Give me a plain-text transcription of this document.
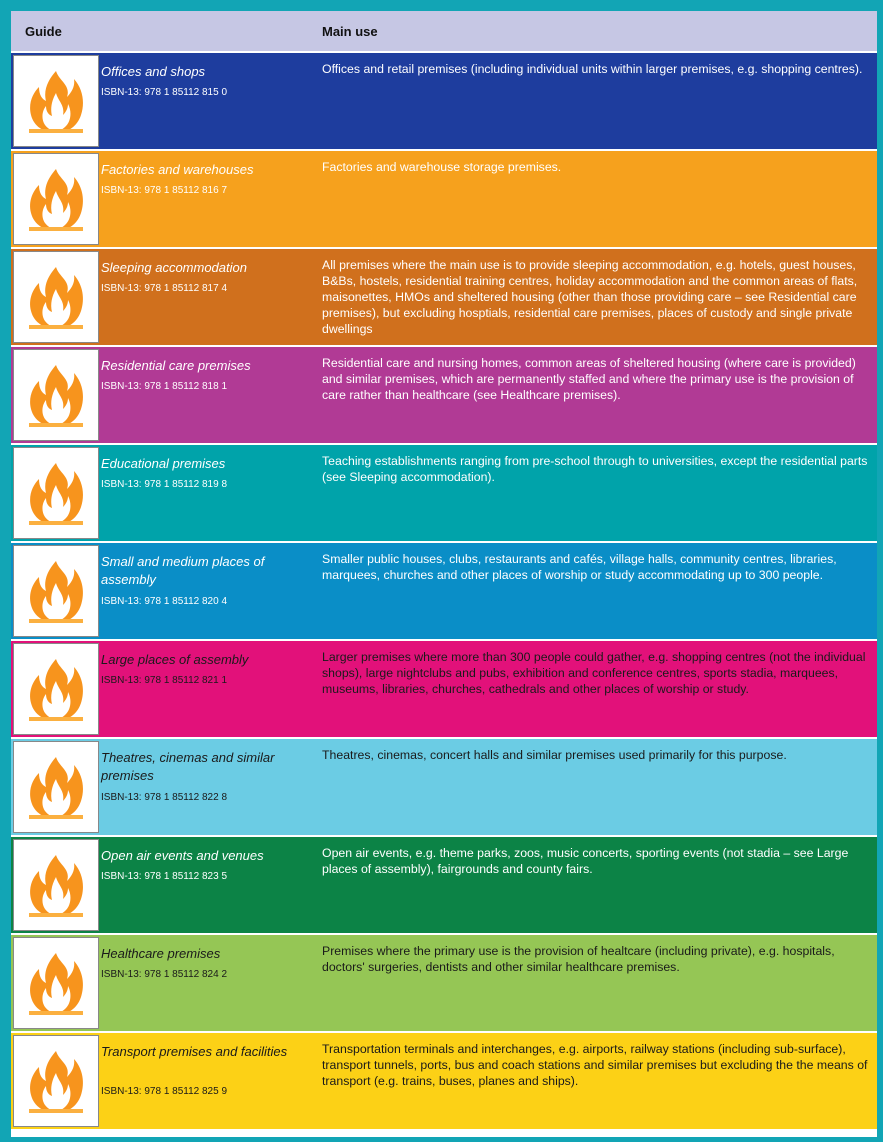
Guide	Main use
Offices and shops
ISBN-13: 978 1 85112 815 0
Offices and retail premises (including individual units within larger premises, e.g. shopping centres).
Factories and warehouses
ISBN-13: 978 1 85112 816 7
Factories and warehouse storage premises.
Sleeping accommodation
ISBN-13: 978 1 85112 817 4
All premises where the main use is to provide sleeping accommodation, e.g. hotels, guest houses, B&Bs, hostels, residential training centres, holiday accommodation and the common areas of flats, maisonettes, HMOs and sheltered housing (other than those providing care – see Residential care premises), but excluding hosptials, residential care premises, places of custody and single private dwellings
Residential care premises
ISBN-13: 978 1 85112 818 1
Residential care and nursing homes, common areas of sheltered housing (where care is provided) and similar premises, which are permanently staffed and where the primary use is the provision of care rather than healthcare (see Healthcare premises).
Educational premises
ISBN-13: 978 1 85112 819 8
Teaching establishments ranging from pre-school through to universities, except the residential parts (see Sleeping accommodation).
Small and medium places of assembly
ISBN-13: 978 1 85112 820 4
Smaller public houses, clubs, restaurants and cafés, village halls, community centres, libraries, marquees, churches and other places of worship or study accommodating up to 300 people.
Large places of assembly
ISBN-13: 978 1 85112 821 1
Larger premises where more than 300 people could gather, e.g. shopping centres (not the individual shops), large nightclubs and pubs, exhibition and conference centres, sports stadia, marquees, museums, libraries, churches, cathedrals and other places of worship or study.
Theatres, cinemas and similar premises
ISBN-13: 978 1 85112 822 8
Theatres, cinemas, concert halls and similar premises used primarily for this purpose.
Open air events and venues
ISBN-13: 978 1 85112 823 5
Open air events, e.g. theme parks, zoos, music concerts, sporting events (not stadia – see Large places of assembly), fairgrounds and county fairs.
Healthcare premises
ISBN-13: 978 1 85112 824 2
Premises where the primary use is the provision of healtcare (including private), e.g. hospitals, doctors' surgeries, dentists and other similar healthcare premises.
Transport premises and facilities
ISBN-13: 978 1 85112 825 9
Transportation terminals and interchanges, e.g. airports, railway stations (including sub-surface), transport tunnels, ports, bus and coach stations and similar premises but excluding the the means of transport (e.g. trains, buses, planes and ships).
